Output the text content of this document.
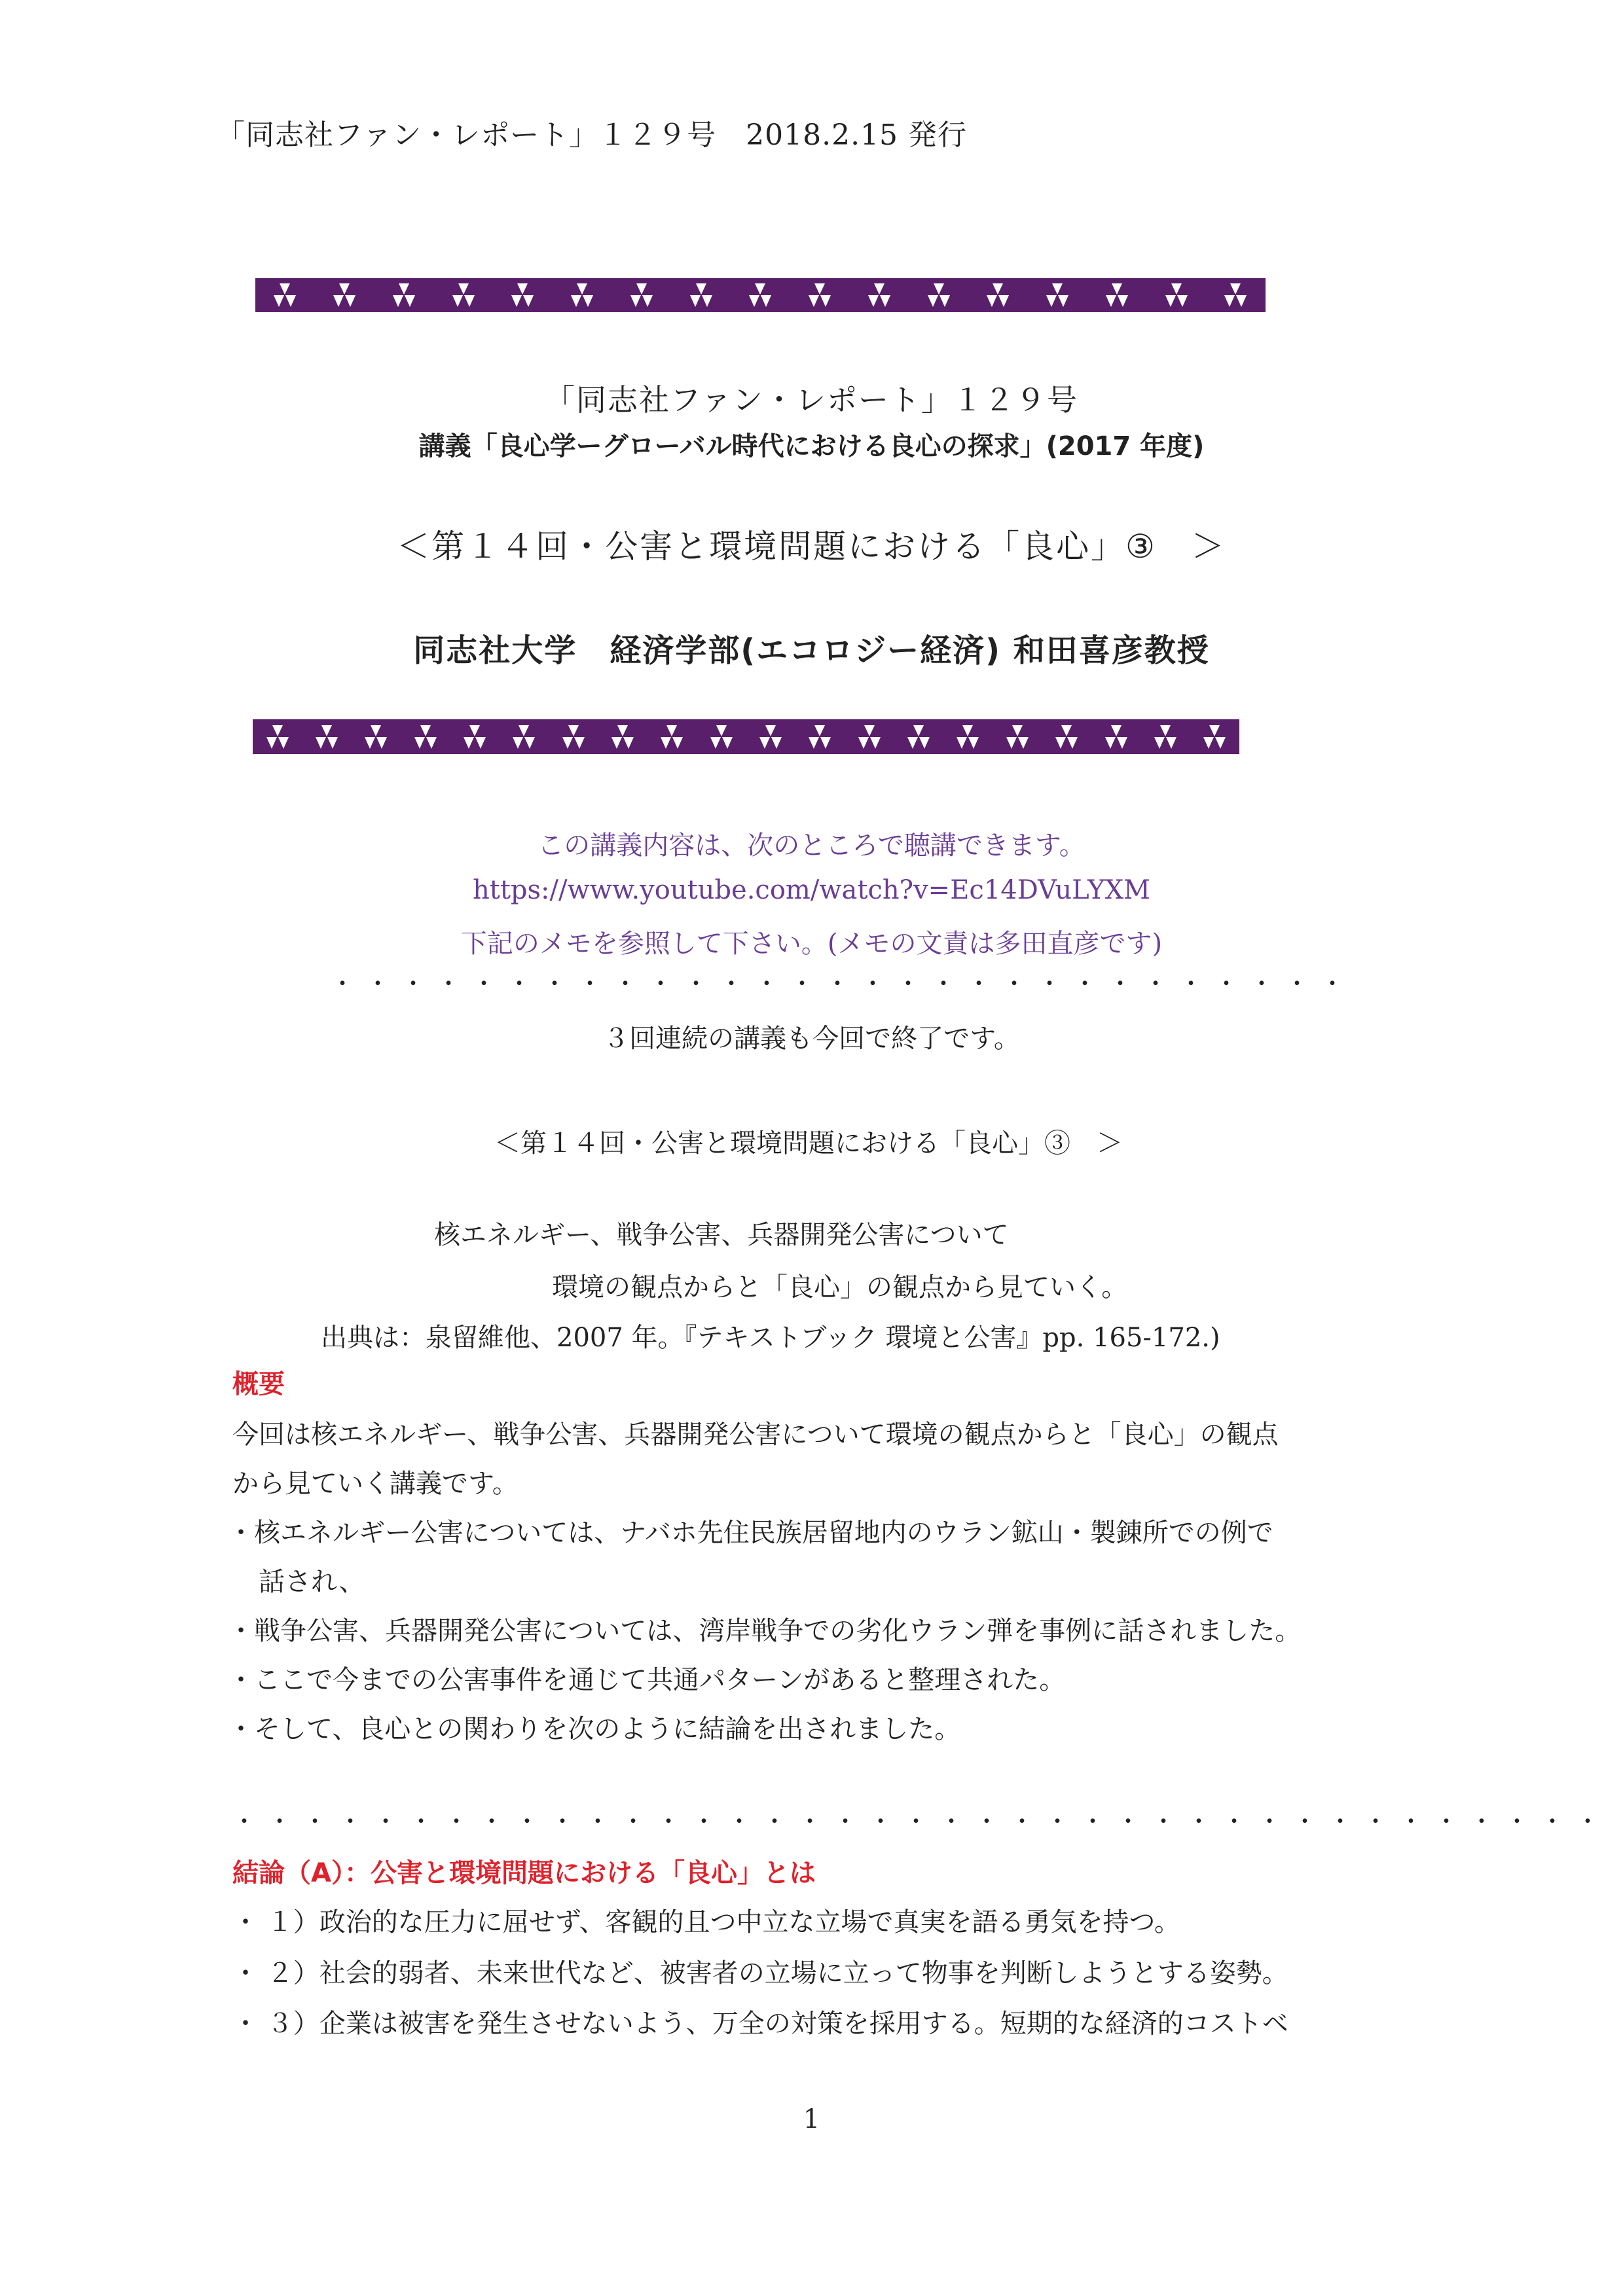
「同志社ファン・レポート」１２９号　2018.2.15 発行
「同志社ファン・レポート」１２９号
講義「良心学ーグローバル時代における良心の探求」(2017 年度)
＜第１４回・公害と環境問題における「良心」③　＞
同志社大学　経済学部(エコロジー経済) 和田喜彦教授
この講義内容は、次のところで聴講できます。
https://www.youtube.com/watch?v=Ec14DVuLYXM
下記のメモを参照して下さい。(メモの文責は多田直彦です)
・・・・・・・・・・・・・・・・・・・・・・・・・・・・・
３回連続の講義も今回で終了です。
＜第１４回・公害と環境問題における「良心」③　＞
核エネルギー、戦争公害、兵器開発公害について
環境の観点からと「良心」の観点から見ていく。
出典は：泉留維他、2007 年。『テキストブック 環境と公害』pp. 165-172.)
概要
今回は核エネルギー、戦争公害、兵器開発公害について環境の観点からと「良心」の観点
から見ていく講義です。
・核エネルギー公害については、ナバホ先住民族居留地内のウラン鉱山・製錬所での例で
話され、
・戦争公害、兵器開発公害については、湾岸戦争での劣化ウラン弾を事例に話されました。
・ここで今までの公害事件を通じて共通パターンがあると整理された。
・そして、良心との関わりを次のように結論を出されました。
・・・・・・・・・・・・・・・・・・・・・・・・・・・・・・・・・・・・・・・
結論（A）：公害と環境問題における「良心」とは
・ １）政治的な圧力に屈せず、客観的且つ中立な立場で真実を語る勇気を持つ。
・ ２）社会的弱者、未来世代など、被害者の立場に立って物事を判断しようとする姿勢。
・ ３）企業は被害を発生させないよう、万全の対策を採用する。短期的な経済的コストベ
1
